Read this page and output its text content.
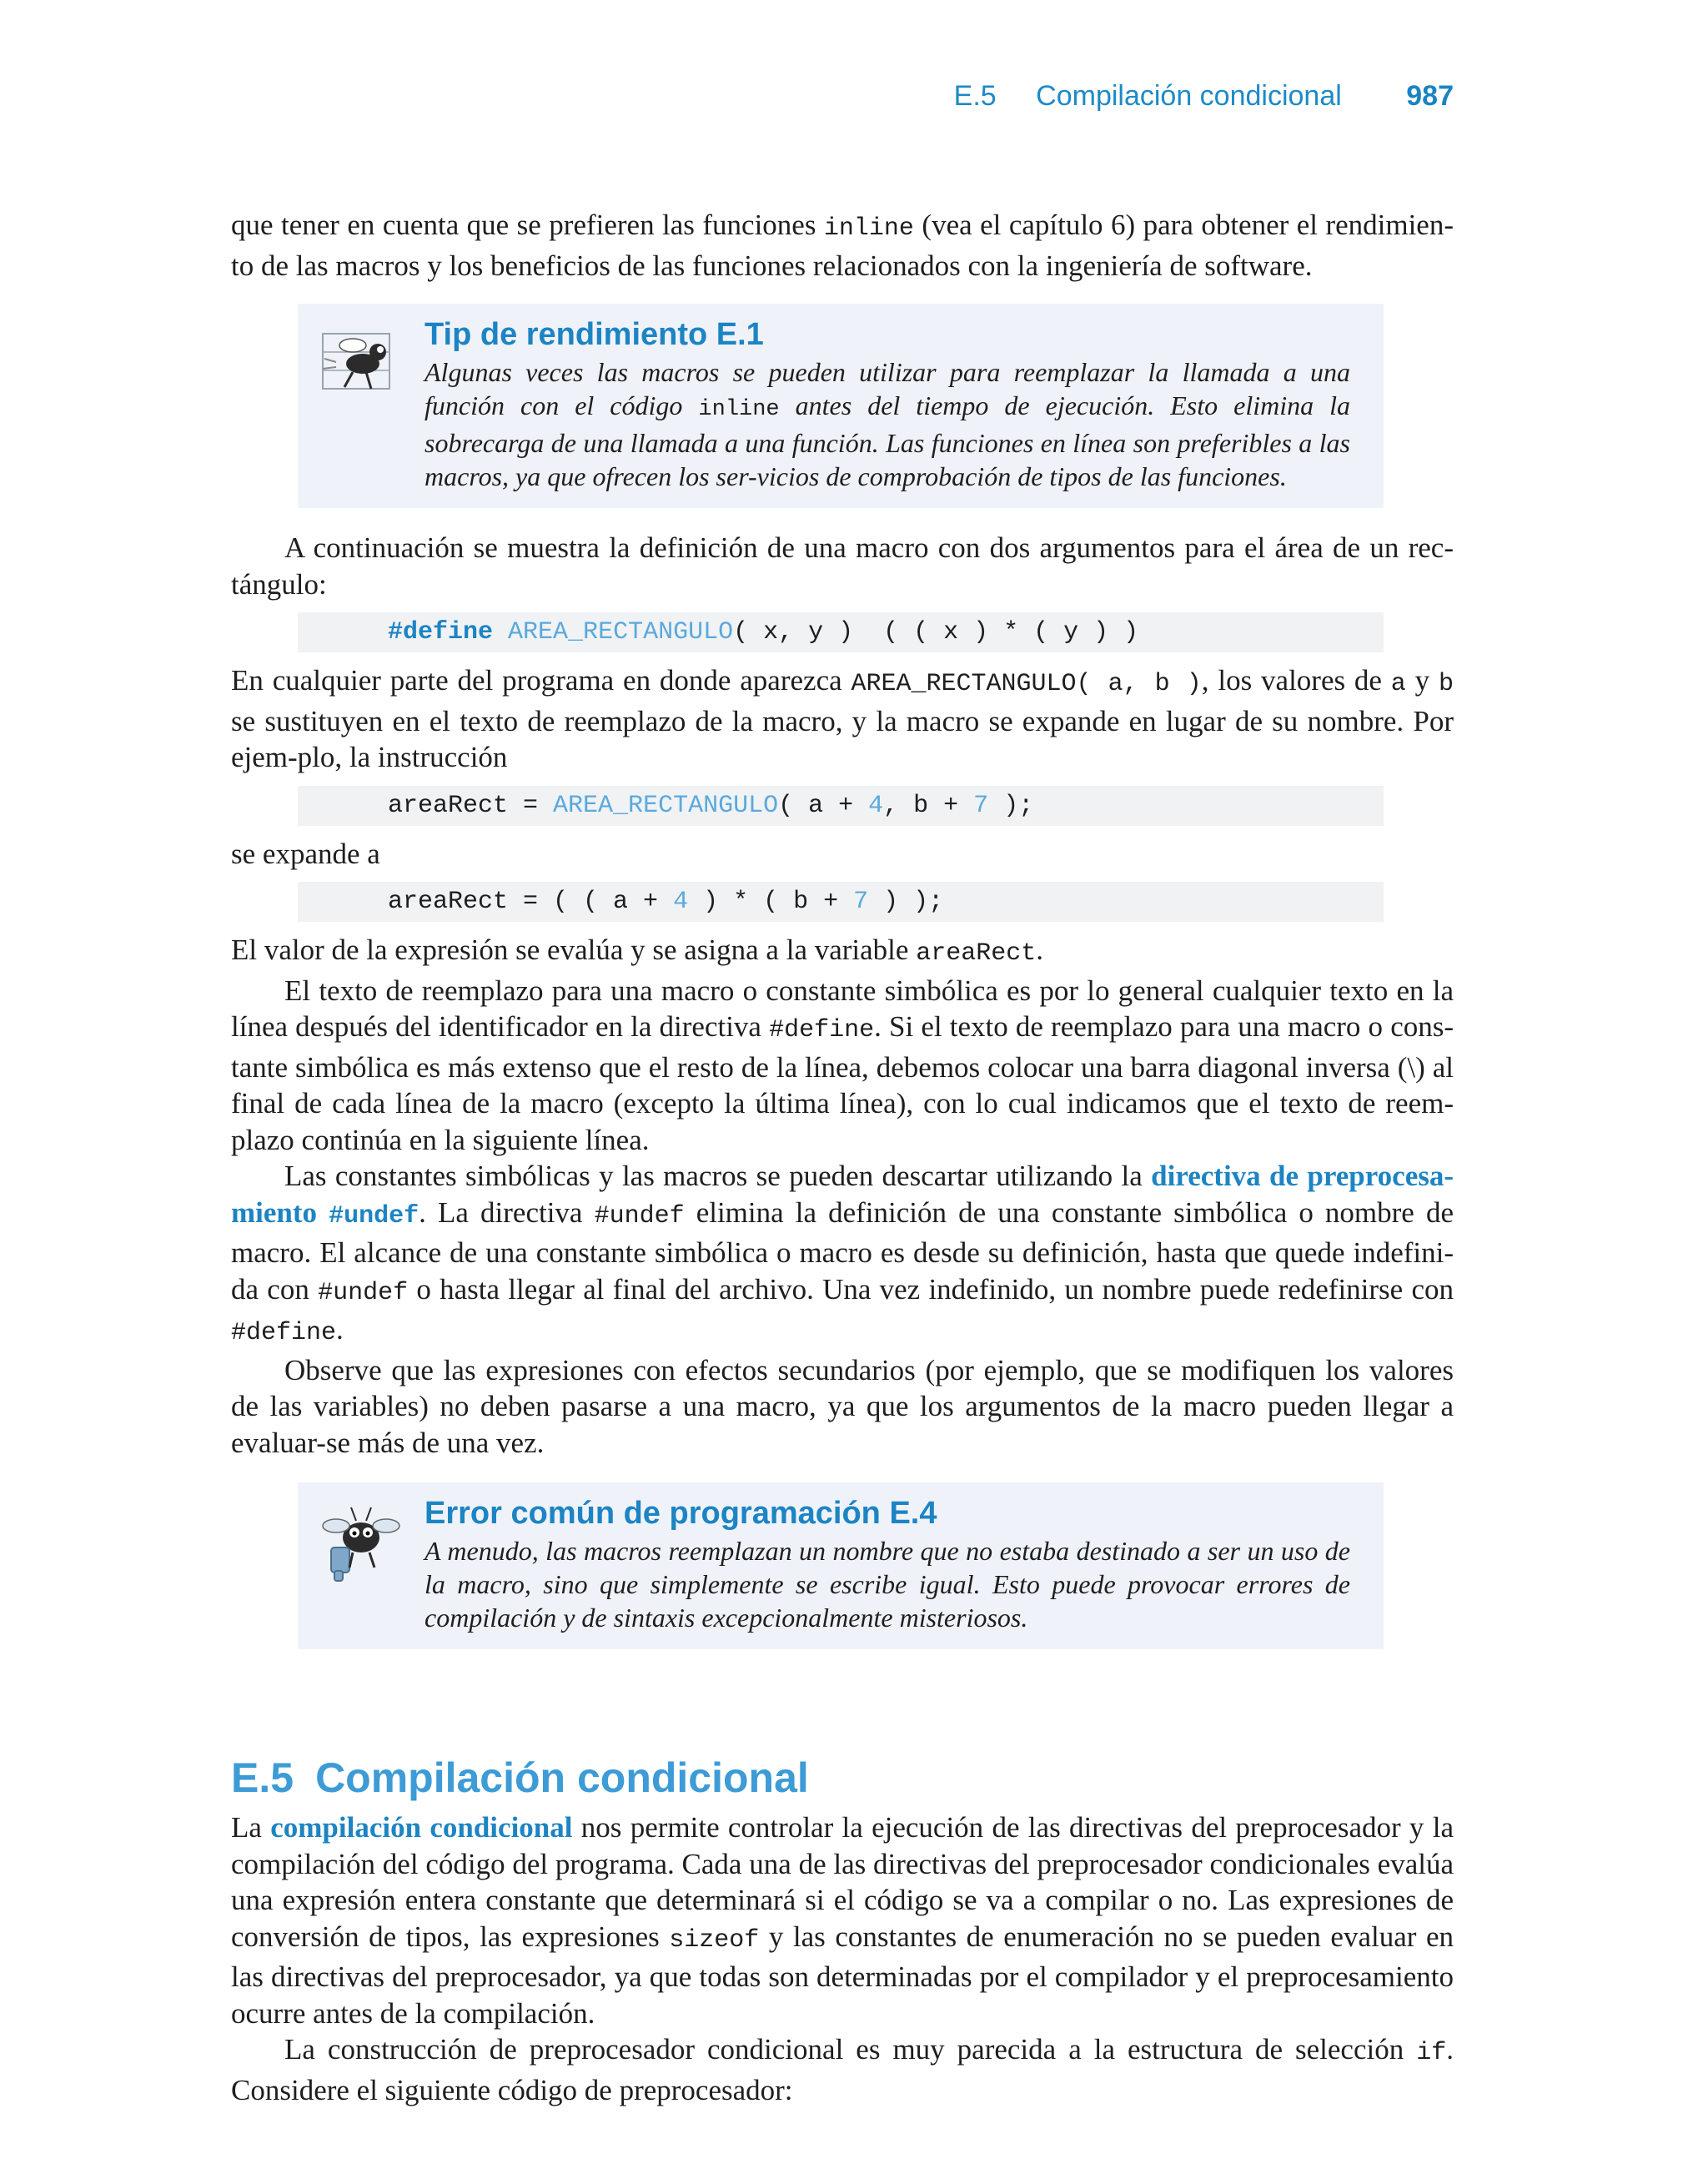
E.5 Compilación condicional 987

que tener en cuenta que se prefieren las funciones inline (vea el capítulo 6) para obtener el rendimien-to de las macros y los beneficios de las funciones relacionados con la ingeniería de software.

Tip de rendimiento E.1
Algunas veces las macros se pueden utilizar para reemplazar la llamada a una función con el código inline antes del tiempo de ejecución. Esto elimina la sobrecarga de una llamada a una función. Las funciones en línea son preferibles a las macros, ya que ofrecen los ser-vicios de comprobación de tipos de las funciones.

A continuación se muestra la definición de una macro con dos argumentos para el área de un rec-tángulo:

#define AREA_RECTANGULO( x, y )  ( ( x ) * ( y ) )

En cualquier parte del programa en donde aparezca AREA_RECTANGULO( a, b ), los valores de a y b se sustituyen en el texto de reemplazo de la macro, y la macro se expande en lugar de su nombre. Por ejem-plo, la instrucción

areaRect = AREA_RECTANGULO( a + 4, b + 7 );

se expande a

areaRect = ( ( a + 4 ) * ( b + 7 ) );

El valor de la expresión se evalúa y se asigna a la variable areaRect.

El texto de reemplazo para una macro o constante simbólica es por lo general cualquier texto en la línea después del identificador en la directiva #define. Si el texto de reemplazo para una macro o cons-tante simbólica es más extenso que el resto de la línea, debemos colocar una barra diagonal inversa (\) al final de cada línea de la macro (excepto la última línea), con lo cual indicamos que el texto de reem-plazo continúa en la siguiente línea.

Las constantes simbólicas y las macros se pueden descartar utilizando la directiva de preprocesa-miento #undef. La directiva #undef elimina la definición de una constante simbólica o nombre de macro. El alcance de una constante simbólica o macro es desde su definición, hasta que quede indefini-da con #undef o hasta llegar al final del archivo. Una vez indefinido, un nombre puede redefinirse con #define.

Observe que las expresiones con efectos secundarios (por ejemplo, que se modifiquen los valores de las variables) no deben pasarse a una macro, ya que los argumentos de la macro pueden llegar a evaluar-se más de una vez.

Error común de programación E.4
A menudo, las macros reemplazan un nombre que no estaba destinado a ser un uso de la macro, sino que simplemente se escribe igual. Esto puede provocar errores de compilación y de sintaxis excepcionalmente misteriosos.
E.5 Compilación condicional

La compilación condicional nos permite controlar la ejecución de las directivas del preprocesador y la compilación del código del programa. Cada una de las directivas del preprocesador condicionales evalúa una expresión entera constante que determinará si el código se va a compilar o no. Las expresiones de conversión de tipos, las expresiones sizeof y las constantes de enumeración no se pueden evaluar en las directivas del preprocesador, ya que todas son determinadas por el compilador y el preprocesamiento ocurre antes de la compilación.

La construcción de preprocesador condicional es muy parecida a la estructura de selección if. Considere el siguiente código de preprocesador:
